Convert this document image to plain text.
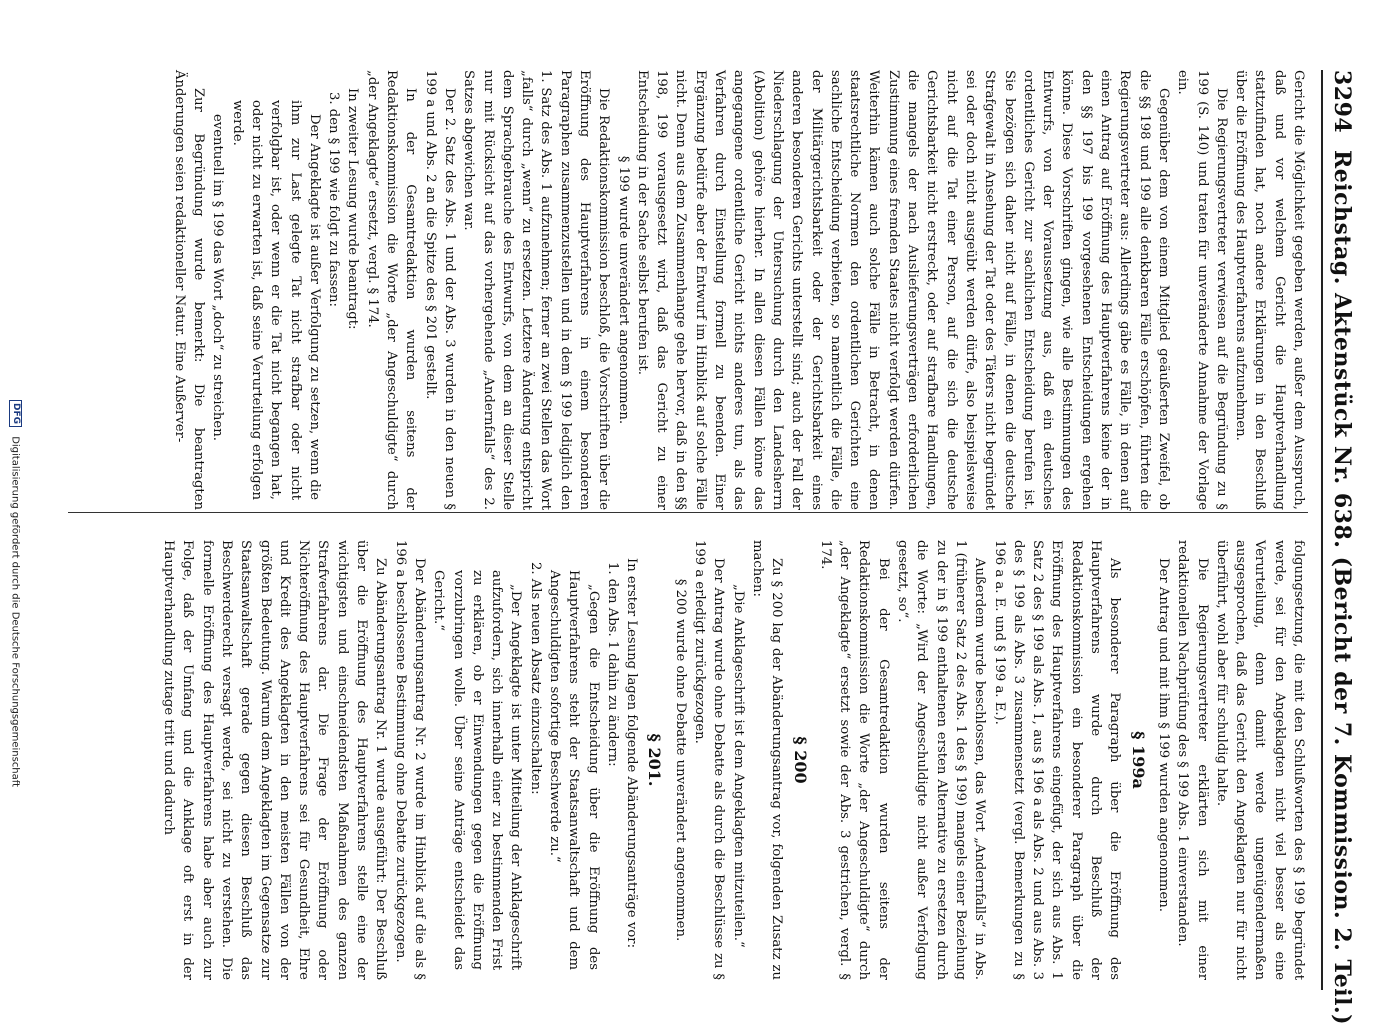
3294
Reichstag. Aktenstück Nr. 638. (Bericht der 7. Kommission. 2. Teil.)

Gericht die Möglichkeit gegeben werden, außer dem Ausspruch, daß und vor welchem Gericht die Hauptverhandlung stattzufinden hat, noch andere Erklärungen in den Beschluß über die Eröffnung des Hauptverfahrens aufzunehmen.

Die Regierungsvertreter verwiesen auf die Begründung zu § 199 (S. 140) und traten für unveränderte Annahme der Vorlage ein.

Gegenüber dem von einem Mitglied geäußerten Zweifel, ob die §§ 198 und 199 alle denkbaren Fälle erschöpfen, führten die Regierungsvertreter aus: Allerdings gäbe es Fälle, in denen auf einen Antrag auf Eröffnung des Hauptverfahrens keine der in den §§ 197 bis 199 vorgesehenen Entscheidungen ergehen könne. Diese Vorschriften gingen, wie alle Bestimmungen des Entwurfs, von der Voraussetzung aus, daß ein deutsches ordentliches Gericht zur sachlichen Entscheidung berufen ist. Sie bezögen sich daher nicht auf Fälle, in denen die deutsche Strafgewalt in Ansehung der Tat oder des Täters nicht begründet sei oder doch nicht ausgeübt werden dürfe, also beispielsweise nicht auf die Tat einer Person, auf die sich die deutsche Gerichtsbarkeit nicht erstreckt, oder auf strafbare Handlungen, die mangels der nach Auslieferungsverträgen erforderlichen Zustimmung eines fremden Staates nicht verfolgt werden dürfen. Weiterhin kämen auch solche Fälle in Betracht, in denen staatsrechtliche Normen den ordentlichen Gerichten eine sachliche Entscheidung verbieten, so namentlich die Fälle, die der Militärgerichtsbarkeit oder der Gerichtsbarkeit eines anderen besonderen Gerichts unterstellt sind; auch der Fall der Niederschlagung der Untersuchung durch den Landesherrn (Abolition) gehöre hierher. In allen diesen Fällen könne das angegangene ordentliche Gericht nichts anderes tun, als das Verfahren durch Einstellung formell zu beenden. Einer Ergänzung bedürfe aber der Entwurf im Hinblick auf solche Fälle nicht. Denn aus dem Zusammenhange gehe hervor, daß in den §§ 198, 199 vorausgesetzt wird, daß das Gericht zu einer Entscheidung in der Sache selbst berufen ist.

§ 199 wurde unverändert angenommen.

Die Redaktionskommission beschloß, die Vorschriften über die Eröffnung des Hauptverfahrens in einem besonderen Paragraphen zusammenzustellen und in dem § 199 lediglich den 1. Satz des Abs. 1 aufzunehmen; ferner an zwei Stellen das Wort „falls“ durch „wenn“ zu ersetzen. Letztere Änderung entspricht dem Sprachgebrauche des Entwurfs, von dem an dieser Stelle nur mit Rücksicht auf das vorhergehende „Andernfalls“ des 2. Satzes abgewichen war.

Der 2. Satz des Abs. 1 und der Abs. 3 wurden in den neuen § 199 a und Abs. 2 an die Spitze des § 201 gestellt.

In der Gesamtredaktion wurden seitens der Redaktionskommission die Worte „der Angeschuldigte“ durch „der Angeklagte“ ersetzt, vergl. § 174.

In zweiter Lesung wurde beantragt:

3. den § 199 wie folgt zu fassen:

Der Angeklagte ist außer Verfolgung zu setzen, wenn die ihm zur Last gelegte Tat nicht strafbar oder nicht verfolgbar ist, oder wenn er die Tat nicht begangen hat, oder nicht zu erwarten ist, daß seine Verurteilung erfolgen werde.

eventuell im § 199 das Wort „doch“ zu streichen.

Zur Begründung wurde bemerkt: Die beantragten Änderungen seien redaktioneller Natur. Eine Außerver-

folgungsetzung, die mit den Schlußworten des § 199 begründet werde, sei für den Angeklagten nicht viel besser als eine Verurteilung, denn damit werde ungenügendermaßen ausgesprochen, daß das Gericht den Angeklagten nur für nicht überführt, wohl aber für schuldig halte.

Die Regierungsvertreter erklärten sich mit einer redaktionellen Nachprüfung des § 199 Abs. 1 einverstanden.

Der Antrag und mit ihm § 199 wurden angenommen.

§ 199a

Als besonderer Paragraph über die Eröffnung des Hauptverfahrens wurde durch Beschluß der Redaktionskommission ein besonderer Paragraph über die Eröffnung des Hauptverfahrens eingefügt, der sich aus Abs. 1 Satz 2 des § 199 als Abs. 1, aus § 196 a als Abs. 2 und aus Abs. 3 des § 199 als Abs. 3 zusammensetzt (vergl. Bemerkungen zu § 196 a a. E. und § 199 a. E.).

Außerdem wurde beschlossen, das Wort „Andernfalls“ in Abs. 1 (früherer Satz 2 des Abs. 1 des § 199) mangels einer Beziehung zu der in § 199 enthaltenen ersten Alternative zu ersetzen durch die Worte: „Wird der Angeschuldigte nicht außer Verfolgung gesetzt, so“.

Bei der Gesamtredaktion wurden seitens der Redaktionskommission die Worte „der Angeschuldigte“ durch „der Angeklagte“ ersetzt sowie der Abs. 3 gestrichen, vergl. § 174.

§ 200

Zu § 200 lag der Abänderungsantrag vor, folgenden Zusatz zu machen:

„Die Anklageschrift ist dem Angeklagten mitzuteilen.“

Der Antrag wurde ohne Debatte als durch die Beschlüsse zu § 199 a erledigt zurückgezogen.

§ 200 wurde ohne Debatte unverändert angenommen.

§ 201.

In erster Lesung lagen folgende Abänderungsanträge vor:

1. den Abs. 1 dahin zu ändern:

„Gegen die Entscheidung über die Eröffnung des Hauptverfahrens steht der Staatsanwaltschaft und dem Angeschuldigten sofortige Beschwerde zu.“

2. Als neuen Absatz einzuschalten:

„Der Angeklagte ist unter Mitteilung der Anklageschrift aufzufordern, sich innerhalb einer zu bestimmenden Frist zu erklären, ob er Einwendungen gegen die Eröffnung vorzubringen wolle. Über seine Anträge entscheidet das Gericht.“

Der Abänderungsantrag Nr. 2 wurde im Hinblick auf die als § 196 a beschlossene Bestimmung ohne Debatte zurückgezogen.

Zu Abänderungsantrag Nr. 1 wurde ausgeführt: Der Beschluß über die Eröffnung des Hauptverfahrens stelle eine der wichtigsten und einschneidendsten Maßnahmen des ganzen Strafverfahrens dar. Die Frage der Eröffnung oder Nichteröffnung des Hauptverfahrens sei für Gesundheit, Ehre und Kredit des Angeklagten in den meisten Fällen von der größten Bedeutung. Warum dem Angeklagten im Gegensatze zur Staatsanwaltschaft gerade gegen diesen Beschluß das Beschwerderecht versagt werde, sei nicht zu verstehen. Die formelle Eröffnung des Hauptverfahrens habe aber auch zur Folge, daß der Umfang und die Anklage oft erst in der Hauptverhandlung zutage tritt und dadurch

DFG Digitalisierung gefördert durch die Deutsche Forschungsgemeinschaft
